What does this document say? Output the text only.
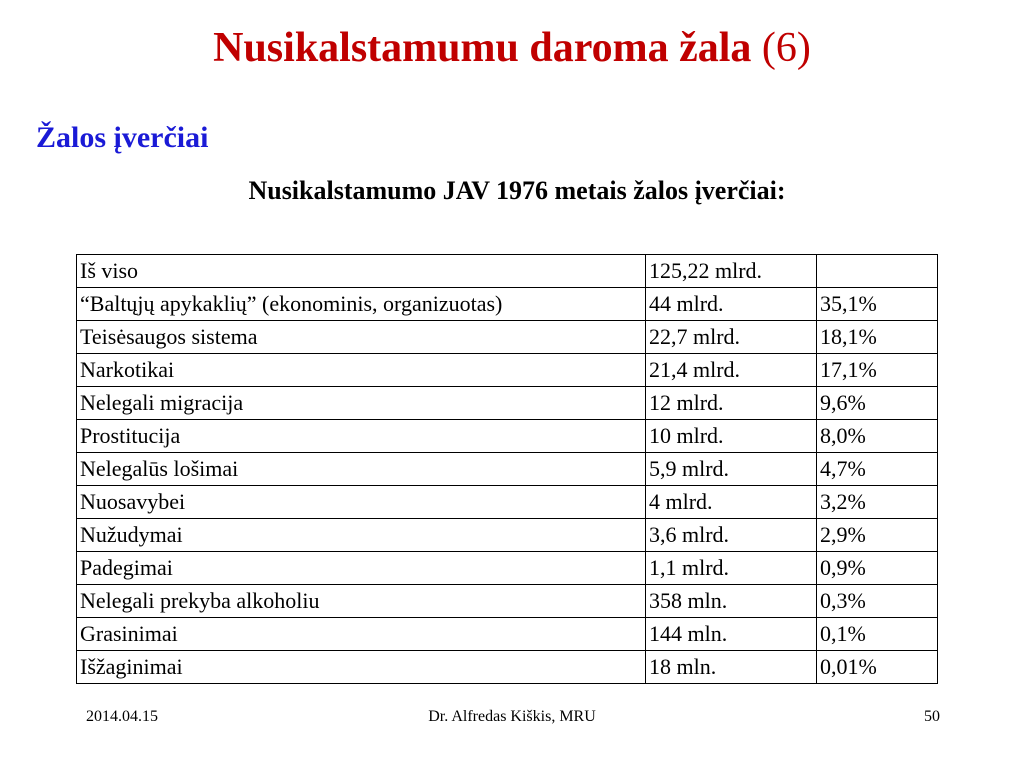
Nusikalstamumu daroma žala (6)
Žalos įverčiai

Nusikalstamumo JAV 1976 metais žalos įverčiai:

Iš viso	125,22 mlrd.	
“Baltųjų apykaklių” (ekonominis, organizuotas)	44 mlrd.	35,1%
Teisėsaugos sistema	22,7 mlrd.	18,1%
Narkotikai	21,4 mlrd.	17,1%
Nelegali migracija	12 mlrd.	9,6%
Prostitucija	10 mlrd.	8,0%
Nelegalūs lošimai	5,9 mlrd.	4,7%
Nuosavybei	4 mlrd.	3,2%
Nužudymai	3,6 mlrd.	2,9%
Padegimai	1,1 mlrd.	0,9%
Nelegali prekyba alkoholiu	358 mln.	0,3%
Grasinimai	144 mln.	0,1%
Išžaginimai	18 mln.	0,01%
2014.04.15	Dr. Alfredas Kiškis, MRU	50
